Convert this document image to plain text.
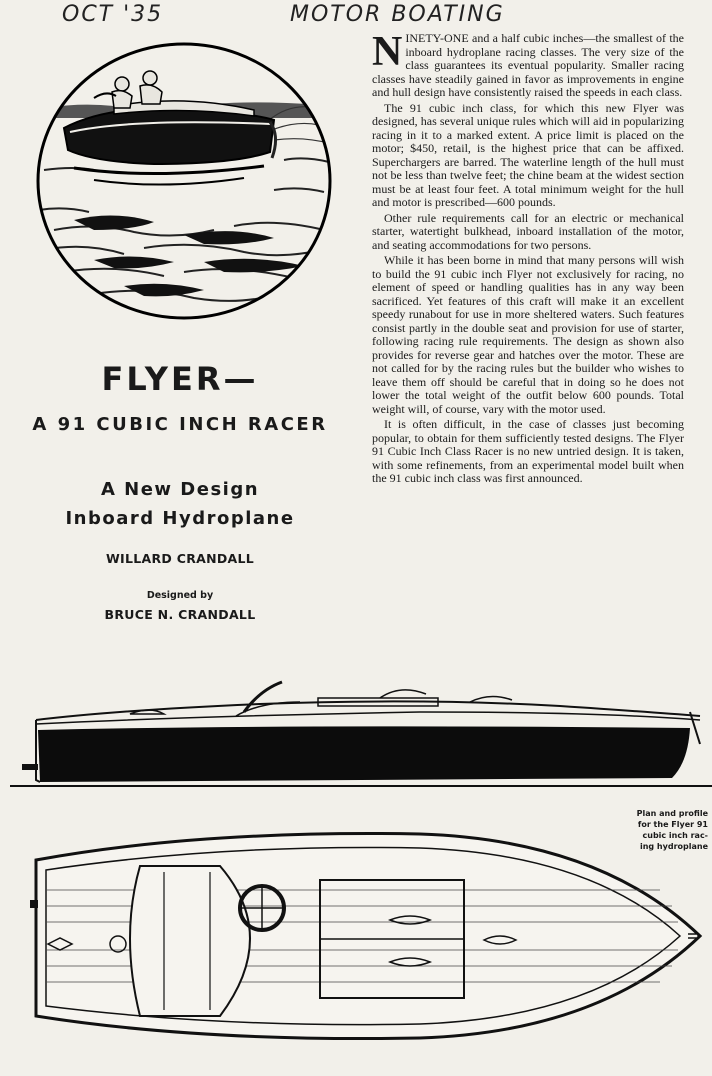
OCT '35	MOTOR BOATING
FLYER—
A 91 CUBIC INCH RACER
A New Design
Inboard Hydroplane
WILLARD CRANDALL
Designed by
BRUCE N. CRANDALL

NINETY-ONE and a half cubic inches—the smallest of the inboard hydroplane racing classes. The very size of the class guarantees its eventual popularity. Smaller racing classes have steadily gained in favor as improvements in engine and hull design have consistently raised the speeds in each class.

The 91 cubic inch class, for which this new Flyer was designed, has several unique rules which will aid in popularizing racing in it to a marked extent. A price limit is placed on the motor; $450, retail, is the highest price that can be affixed. Superchargers are barred. The waterline length of the hull must not be less than twelve feet; the chine beam at the widest section must be at least four feet. A total minimum weight for the hull and motor is prescribed—600 pounds.

Other rule requirements call for an electric or mechanical starter, watertight bulkhead, inboard installation of the motor, and seating accommodations for two persons.

While it has been borne in mind that many persons will wish to build the 91 cubic inch Flyer not exclusively for racing, no element of speed or handling qualities has in any way been sacrificed. Yet features of this craft will make it an excellent speedy runabout for use in more sheltered waters. Such features consist partly in the double seat and provision for use of starter, following racing rule requirements. The design as shown also provides for reverse gear and hatches over the motor. These are not called for by the racing rules but the builder who wishes to leave them off should be careful that in doing so he does not lower the total weight of the outfit below 600 pounds. Total weight will, of course, vary with the motor used.

It is often difficult, in the case of classes just becoming popular, to obtain for them sufficiently tested designs. The Flyer 91 Cubic Inch Class Racer is no new untried design. It is taken, with some refinements, from an experimental model built when the 91 cubic inch class was first announced.

Plan and profile
for the Flyer 91
cubic inch rac-
ing hydroplane
